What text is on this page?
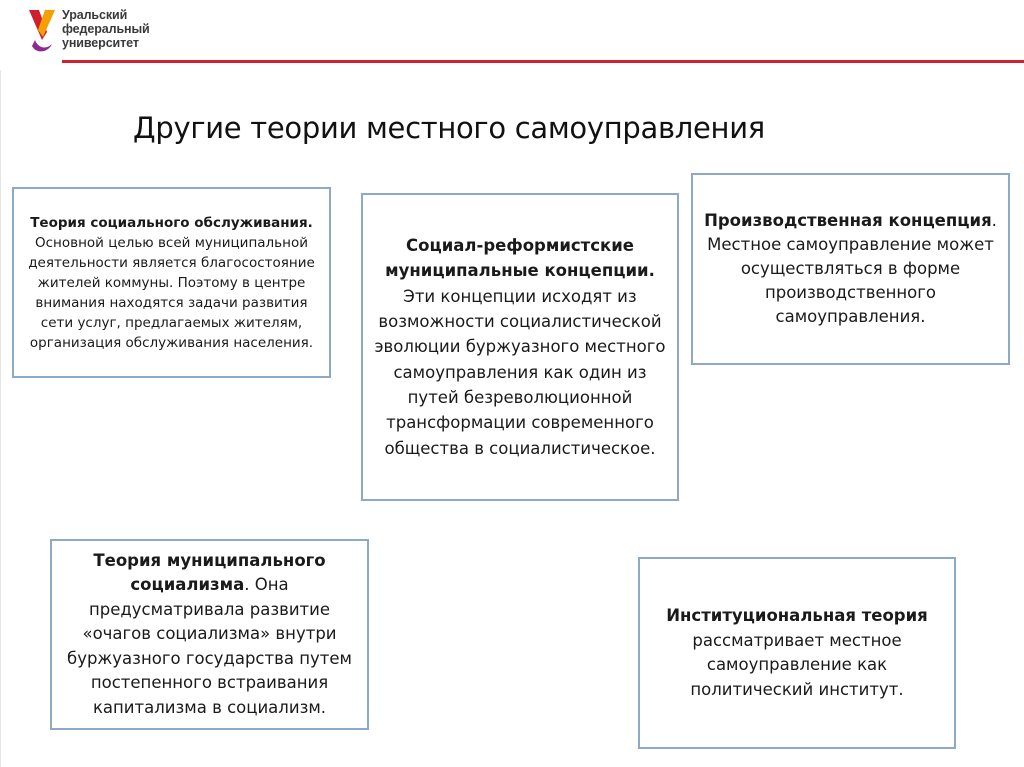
Уральский
федеральный
университет
Другие теории местного самоуправления
Теория социального обслуживания. Основной целью всей муниципальной деятельности является благосостояние жителей коммуны. Поэтому в центре внимания находятся задачи развития сети услуг, предлагаемых жителям, организация обслуживания населения.
Социал-реформистские муниципальные концепции. Эти концепции исходят из возможности социалистической эволюции буржуазного местного самоуправления как один из путей безреволюционной трансформации современного общества в социалистическое.
Производственная концепция. Местное самоуправление может осуществляться в форме производственного самоуправления.
Теория муниципального социализма. Она предусматривала развитие «очагов социализма» внутри буржуазного государства путем постепенного встраивания капитализма в социализм.
Институциональная теория рассматривает местное самоуправление как политический институт.
